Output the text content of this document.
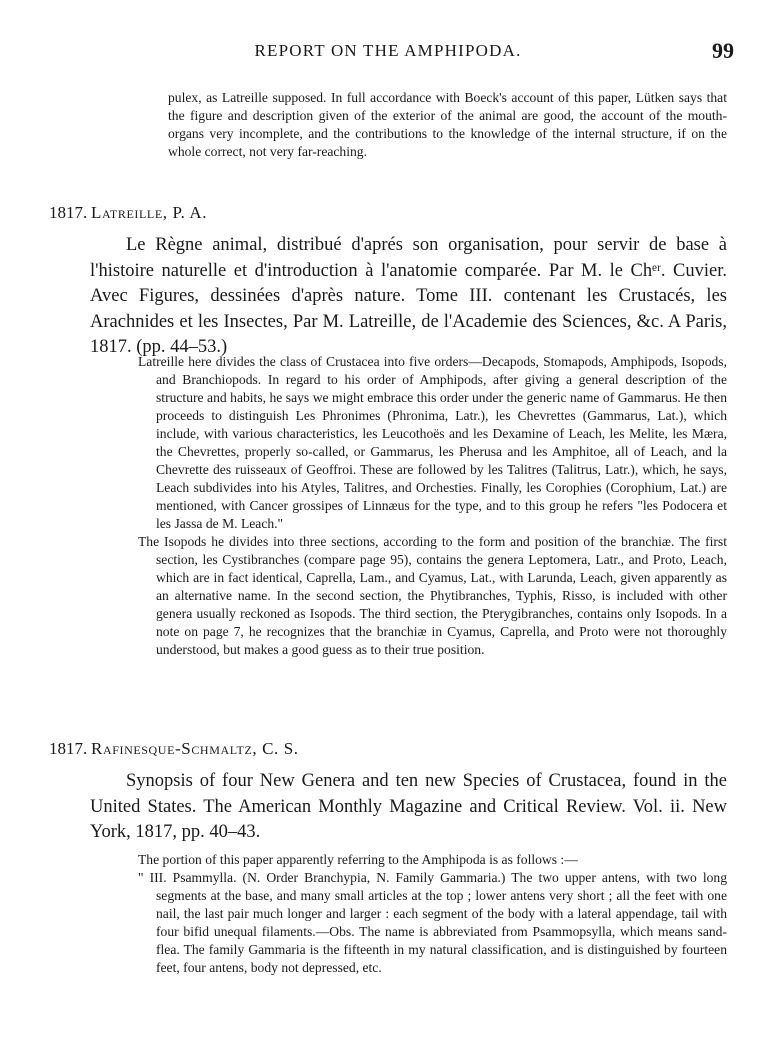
REPORT ON THE AMPHIPODA.	99

pulex, as Latreille supposed. In full accordance with Boeck's account of this paper, Lütken says that the figure and description given of the exterior of the animal are good, the account of the mouth-organs very incomplete, and the contributions to the knowledge of the internal structure, if on the whole correct, not very far-reaching.

1817. Latreille, P. A.

Le Règne animal, distribué d'aprés son organisation, pour servir de base à l'histoire naturelle et d'introduction à l'anatomie comparée. Par M. le Chᵉʳ. Cuvier. Avec Figures, dessinées d'après nature. Tome III. contenant les Crustacés, les Arachnides et les Insectes, Par M. Latreille, de l'Academie des Sciences, &c. A Paris, 1817. (pp. 44–53.)

Latreille here divides the class of Crustacea into five orders—Decapods, Stomapods, Amphipods, Isopods, and Branchiopods. In regard to his order of Amphipods, after giving a general description of the structure and habits, he says we might embrace this order under the generic name of Gammarus. He then proceeds to distinguish Les Phronimes (Phronima, Latr.), les Chevrettes (Gammarus, Lat.), which include, with various characteristics, les Leucothoës and les Dexamine of Leach, les Melite, les Mæra, the Chevrettes, properly so-called, or Gammarus, les Pherusa and les Amphitoe, all of Leach, and la Chevrette des ruisseaux of Geoffroi. These are followed by les Talitres (Talitrus, Latr.), which, he says, Leach subdivides into his Atyles, Talitres, and Orchesties. Finally, les Corophies (Corophium, Lat.) are mentioned, with Cancer grossipes of Linnæus for the type, and to this group he refers "les Podocera et les Jassa de M. Leach."

The Isopods he divides into three sections, according to the form and position of the branchiæ. The first section, les Cystibranches (compare page 95), contains the genera Leptomera, Latr., and Proto, Leach, which are in fact identical, Caprella, Lam., and Cyamus, Lat., with Larunda, Leach, given apparently as an alternative name. In the second section, the Phytibranches, Typhis, Risso, is included with other genera usually reckoned as Isopods. The third section, the Pterygibranches, contains only Isopods. In a note on page 7, he recognizes that the branchiæ in Cyamus, Caprella, and Proto were not thoroughly understood, but makes a good guess as to their true position.

1817. Rafinesque-Schmaltz, C. S.

Synopsis of four New Genera and ten new Species of Crustacea, found in the United States. The American Monthly Magazine and Critical Review. Vol. ii. New York, 1817, pp. 40–43.

The portion of this paper apparently referring to the Amphipoda is as follows :—

" III. Psammylla. (N. Order Branchypia, N. Family Gammaria.) The two upper antens, with two long segments at the base, and many small articles at the top ; lower antens very short ; all the feet with one nail, the last pair much longer and larger : each segment of the body with a lateral appendage, tail with four bifid unequal filaments.—Obs. The name is abbreviated from Psammopsylla, which means sand-flea. The family Gammaria is the fifteenth in my natural classification, and is distinguished by fourteen feet, four antens, body not depressed, etc.
